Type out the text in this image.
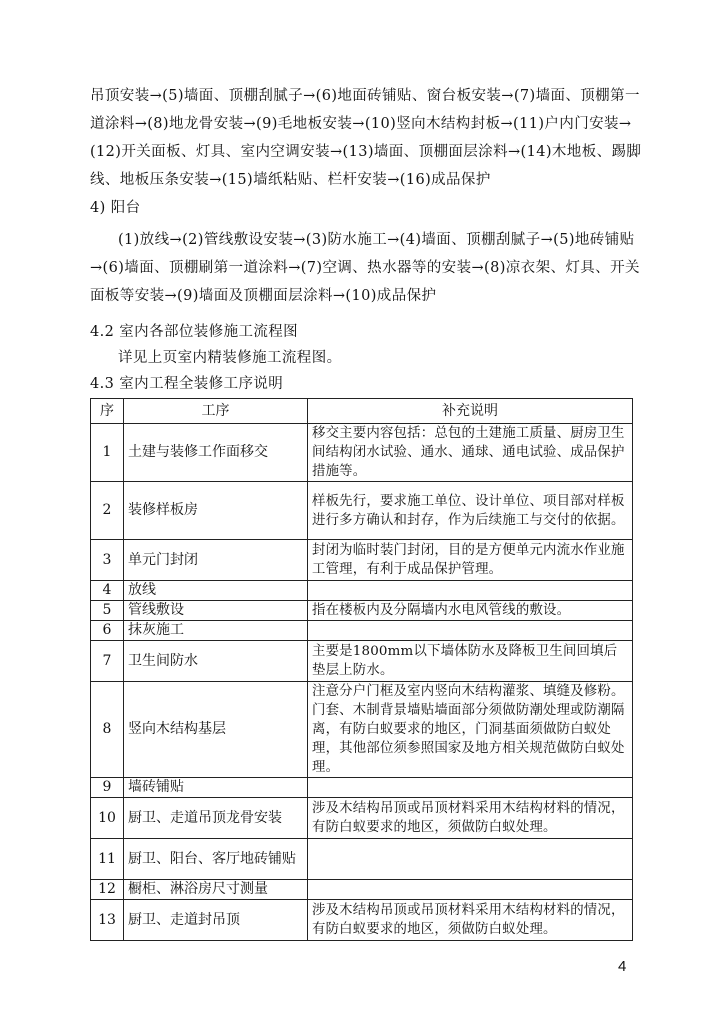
吊顶安装→(5)墙面、顶棚刮腻子→(6)地面砖铺贴、窗台板安装→(7)墙面、顶棚第一
道涂料→(8)地龙骨安装→(9)毛地板安装→(10)竖向木结构封板→(11)户内门安装→
(12)开关面板、灯具、室内空调安装→(13)墙面、顶棚面层涂料→(14)木地板、踢脚
线、地板压条安装→(15)墙纸粘贴、栏杆安装→(16)成品保护
4) 阳台
(1)放线→(2)管线敷设安装→(3)防水施工→(4)墙面、顶棚刮腻子→(5)地砖铺贴
→(6)墙面、顶棚刷第一道涂料→(7)空调、热水器等的安装→(8)凉衣架、灯具、开关
面板等安装→(9)墙面及顶棚面层涂料→(10)成品保护
4.2 室内各部位装修施工流程图
详见上页室内精装修施工流程图。
4.3 室内工程全装修工序说明
序	工序	补充说明
1	土建与装修工作面移交	移交主要内容包括：总包的土建施工质量、厨房卫生间结构闭水试验、通水、通球、通电试验、成品保护措施等。
2	装修样板房	样板先行，要求施工单位、设计单位、项目部对样板进行多方确认和封存，作为后续施工与交付的依据。
3	单元门封闭	封闭为临时装门封闭，目的是方便单元内流水作业施工管理，有利于成品保护管理。
4	放线	
5	管线敷设	指在楼板内及分隔墙内水电风管线的敷设。
6	抹灰施工	
7	卫生间防水	主要是1800mm以下墙体防水及降板卫生间回填后垫层上防水。
8	竖向木结构基层	注意分户门框及室内竖向木结构灌浆、填缝及修粉。门套、木制背景墙贴墙面部分须做防潮处理或防潮隔离，有防白蚁要求的地区，门洞基面须做防白蚁处理，其他部位须参照国家及地方相关规范做防白蚁处理。
9	墙砖铺贴	
10	厨卫、走道吊顶龙骨安装	涉及木结构吊顶或吊顶材料采用木结构材料的情况，有防白蚁要求的地区，须做防白蚁处理。
11	厨卫、阳台、客厅地砖铺贴	
12	橱柜、淋浴房尺寸测量	
13	厨卫、走道封吊顶	涉及木结构吊顶或吊顶材料采用木结构材料的情况，有防白蚁要求的地区，须做防白蚁处理。
4
